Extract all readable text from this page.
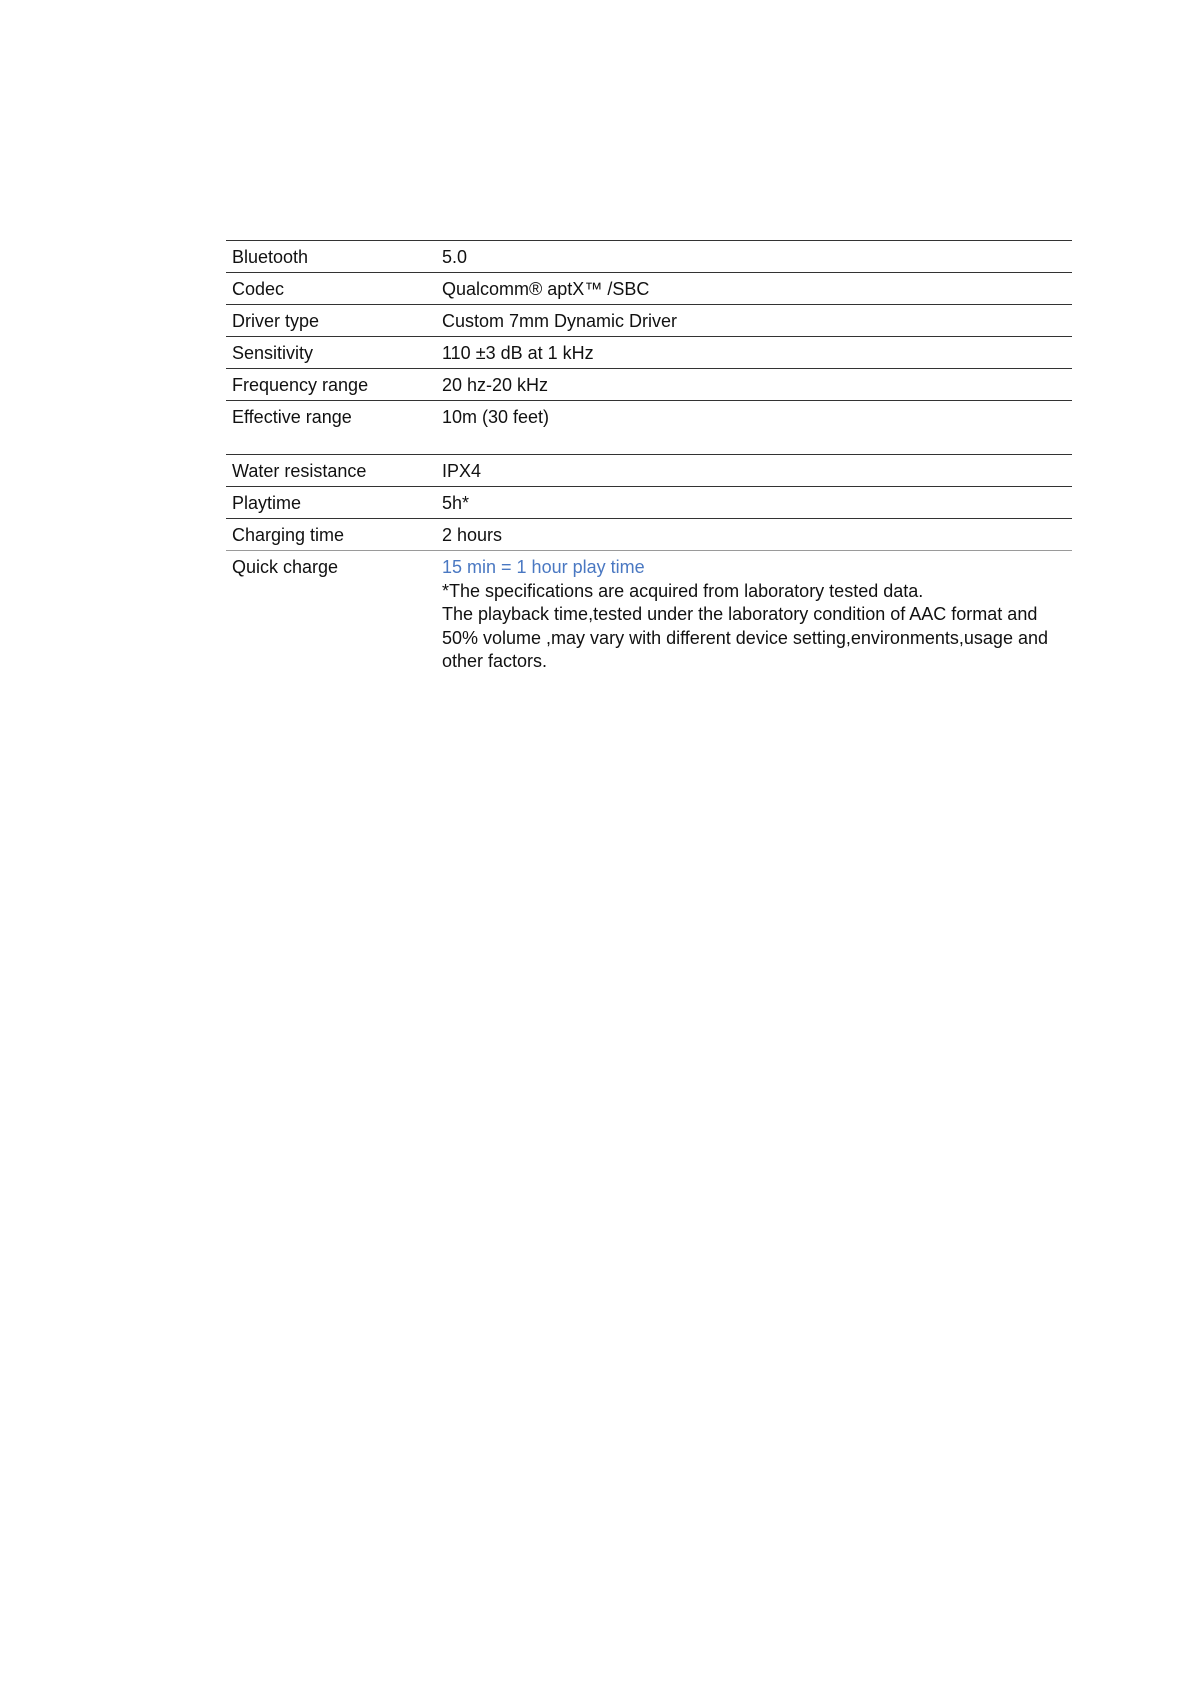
Bluetooth	5.0
Codec	Qualcomm® aptX™ /SBC
Driver type	Custom 7mm Dynamic Driver
Sensitivity	110 ±3 dB at 1 kHz
Frequency range	20 hz-20 kHz
Effective range	10m (30 feet)
Water resistance	IPX4
Playtime	5h*
Charging time	2 hours
Quick charge	15 min = 1 hour play time
*The specifications are acquired from laboratory tested data.
The playback time,tested under the laboratory condition of AAC format and 50% volume ,may vary with different device setting,environments,usage and other factors.
